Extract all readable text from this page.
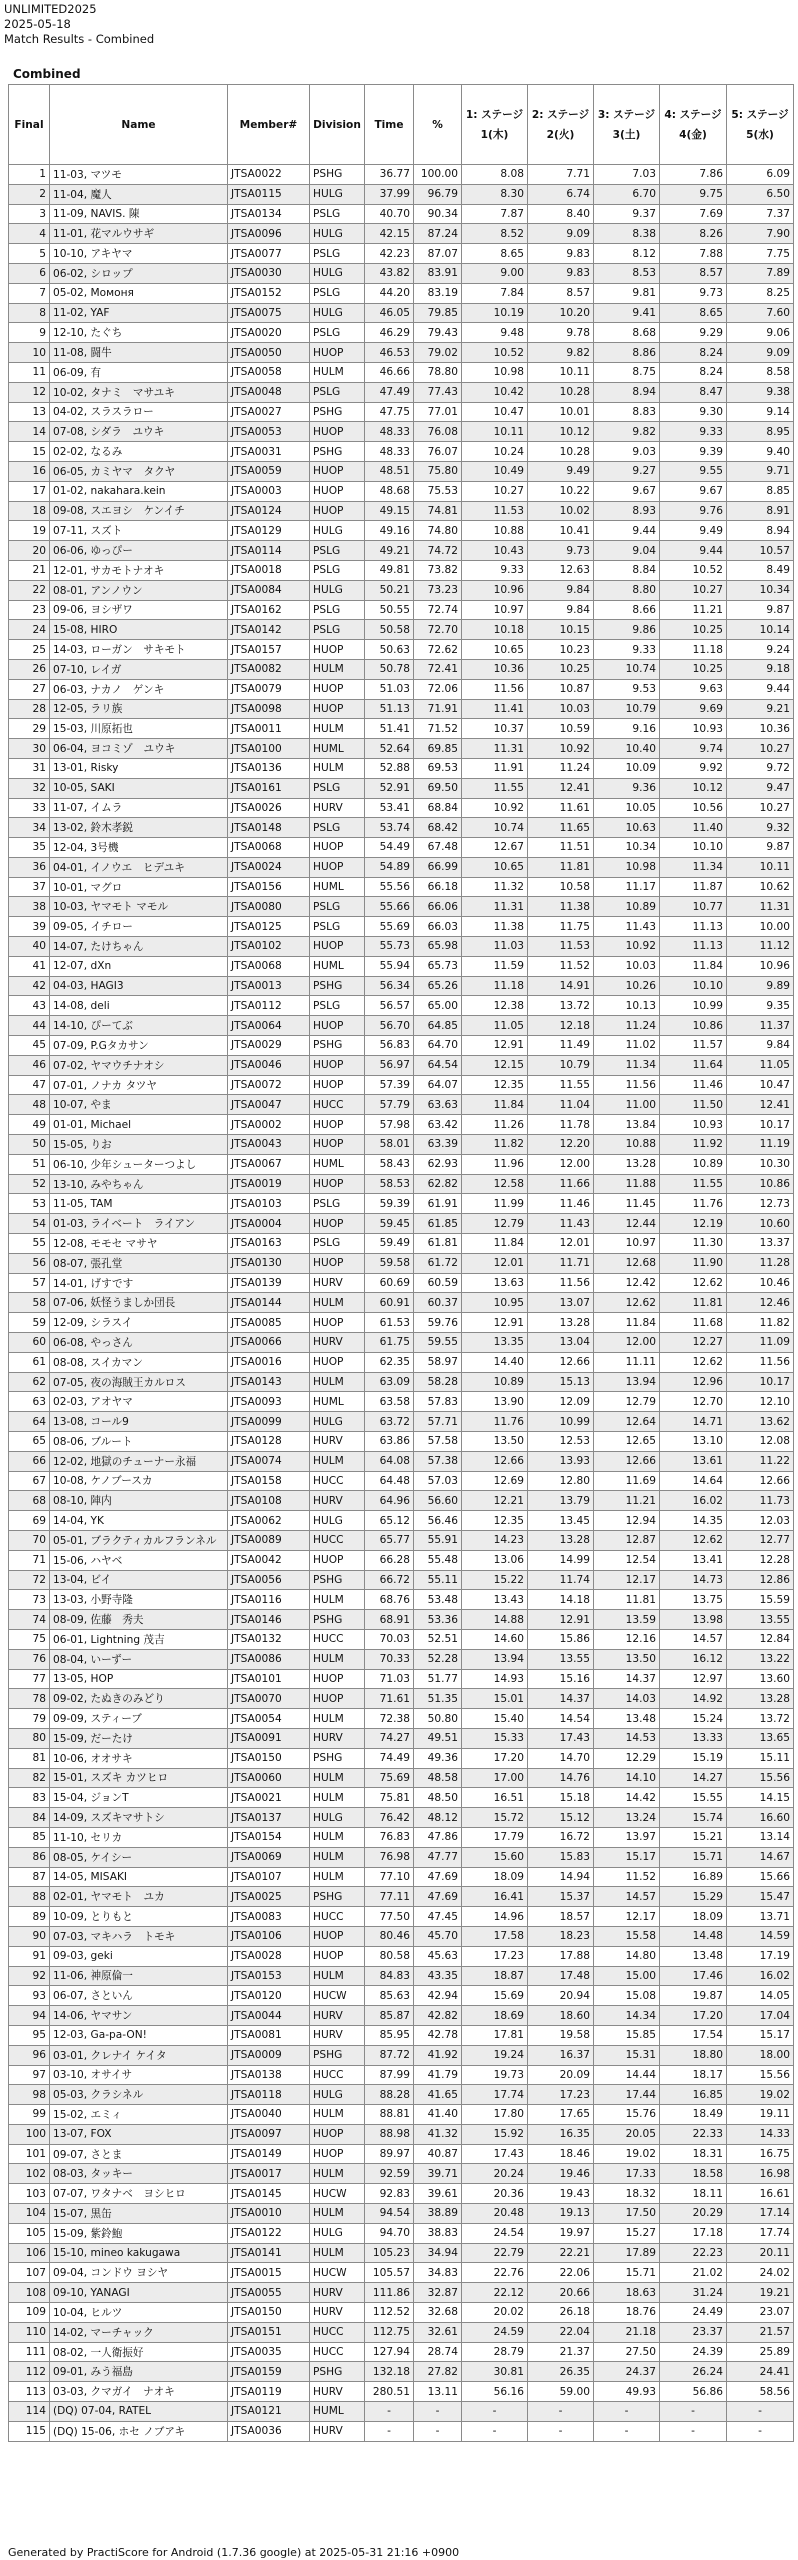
UNLIMITED2025
2025-05-18
Match Results - Combined
Combined
Final	Name	Member#	Division	Time	%	1: ステージ1(木)	2: ステージ2(火)	3: ステージ3(土)	4: ステージ4(金)	5: ステージ5(水)
1	11-03, マツモ	JTSA0022	PSHG	36.77	100.00	8.08	7.71	7.03	7.86	6.09
2	11-04, 魔人	JTSA0115	HULG	37.99	96.79	8.30	6.74	6.70	9.75	6.50
3	11-09, NAVIS. 陳	JTSA0134	PSLG	40.70	90.34	7.87	8.40	9.37	7.69	7.37
4	11-01, 花マルウサギ	JTSA0096	HULG	42.15	87.24	8.52	9.09	8.38	8.26	7.90
5	10-10, アキヤマ	JTSA0077	PSLG	42.23	87.07	8.65	9.83	8.12	7.88	7.75
6	06-02, シロップ	JTSA0030	HULG	43.82	83.91	9.00	9.83	8.53	8.57	7.89
7	05-02, Момоня	JTSA0152	PSLG	44.20	83.19	7.84	8.57	9.81	9.73	8.25
8	11-02, YAF	JTSA0075	HULG	46.05	79.85	10.19	10.20	9.41	8.65	7.60
9	12-10, たぐち	JTSA0020	PSLG	46.29	79.43	9.48	9.78	8.68	9.29	9.06
10	11-08, 闘牛	JTSA0050	HUOP	46.53	79.02	10.52	9.82	8.86	8.24	9.09
11	06-09, 有	JTSA0058	HULM	46.66	78.80	10.98	10.11	8.75	8.24	8.58
12	10-02, タナミ　マサユキ	JTSA0048	PSLG	47.49	77.43	10.42	10.28	8.94	8.47	9.38
13	04-02, スラスラロー	JTSA0027	PSHG	47.75	77.01	10.47	10.01	8.83	9.30	9.14
14	07-08, シダラ　ユウキ	JTSA0053	HUOP	48.33	76.08	10.11	10.12	9.82	9.33	8.95
15	02-02, なるみ	JTSA0031	PSHG	48.33	76.07	10.24	10.28	9.03	9.39	9.40
16	06-05, カミヤマ　タクヤ	JTSA0059	HUOP	48.51	75.80	10.49	9.49	9.27	9.55	9.71
17	01-02, nakahara.kein	JTSA0003	HUOP	48.68	75.53	10.27	10.22	9.67	9.67	8.85
18	09-08, スエヨシ　ケンイチ	JTSA0124	HUOP	49.15	74.81	11.53	10.02	8.93	9.76	8.91
19	07-11, スズト	JTSA0129	HULG	49.16	74.80	10.88	10.41	9.44	9.49	8.94
20	06-06, ゆっぴー	JTSA0114	PSLG	49.21	74.72	10.43	9.73	9.04	9.44	10.57
21	12-01, サカモトナオキ	JTSA0018	PSLG	49.81	73.82	9.33	12.63	8.84	10.52	8.49
22	08-01, アンノウン	JTSA0084	HULG	50.21	73.23	10.96	9.84	8.80	10.27	10.34
23	09-06, ヨシザワ	JTSA0162	PSLG	50.55	72.74	10.97	9.84	8.66	11.21	9.87
24	15-08, HIRO	JTSA0142	PSLG	50.58	72.70	10.18	10.15	9.86	10.25	10.14
25	14-03, ローガン　サキモト	JTSA0157	HUOP	50.63	72.62	10.65	10.23	9.33	11.18	9.24
26	07-10, レイガ	JTSA0082	HULM	50.78	72.41	10.36	10.25	10.74	10.25	9.18
27	06-03, ナカノ　ゲンキ	JTSA0079	HUOP	51.03	72.06	11.56	10.87	9.53	9.63	9.44
28	12-05, ラリ族	JTSA0098	HUOP	51.13	71.91	11.41	10.03	10.79	9.69	9.21
29	15-03, 川原拓也	JTSA0011	HULM	51.41	71.52	10.37	10.59	9.16	10.93	10.36
30	06-04, ヨコミゾ　ユウキ	JTSA0100	HUML	52.64	69.85	11.31	10.92	10.40	9.74	10.27
31	13-01, Risky	JTSA0136	HULM	52.88	69.53	11.91	11.24	10.09	9.92	9.72
32	10-05, SAKI	JTSA0161	PSLG	52.91	69.50	11.55	12.41	9.36	10.12	9.47
33	11-07, イムラ	JTSA0026	HURV	53.41	68.84	10.92	11.61	10.05	10.56	10.27
34	13-02, 鈴木孝鋭	JTSA0148	PSLG	53.74	68.42	10.74	11.65	10.63	11.40	9.32
35	12-04, 3号機	JTSA0068	HUOP	54.49	67.48	12.67	11.51	10.34	10.10	9.87
36	04-01, イノウエ　ヒデユキ	JTSA0024	HUOP	54.89	66.99	10.65	11.81	10.98	11.34	10.11
37	10-01, マグロ	JTSA0156	HUML	55.56	66.18	11.32	10.58	11.17	11.87	10.62
38	10-03, ヤマモト マモル	JTSA0080	PSLG	55.66	66.06	11.31	11.38	10.89	10.77	11.31
39	09-05, イチロー	JTSA0125	PSLG	55.69	66.03	11.38	11.75	11.43	11.13	10.00
40	14-07, たけちゃん	JTSA0102	HUOP	55.73	65.98	11.03	11.53	10.92	11.13	11.12
41	12-07, dXn	JTSA0068	HUML	55.94	65.73	11.59	11.52	10.03	11.84	10.96
42	04-03, HAGI3	JTSA0013	PSHG	56.34	65.26	11.18	14.91	10.26	10.10	9.89
43	14-08, deli	JTSA0112	PSLG	56.57	65.00	12.38	13.72	10.13	10.99	9.35
44	14-10, ぴーてぶ	JTSA0064	HUOP	56.70	64.85	11.05	12.18	11.24	10.86	11.37
45	07-09, P.Gタカサン	JTSA0029	PSHG	56.83	64.70	12.91	11.49	11.02	11.57	9.84
46	07-02, ヤマウチナオシ	JTSA0046	HUOP	56.97	64.54	12.15	10.79	11.34	11.64	11.05
47	07-01, ノナカ タツヤ	JTSA0072	HUOP	57.39	64.07	12.35	11.55	11.56	11.46	10.47
48	10-07, やま	JTSA0047	HUCC	57.79	63.63	11.84	11.04	11.00	11.50	12.41
49	01-01, Michael	JTSA0002	HUOP	57.98	63.42	11.26	11.78	13.84	10.93	10.17
50	15-05, りお	JTSA0043	HUOP	58.01	63.39	11.82	12.20	10.88	11.92	11.19
51	06-10, 少年シューターつよし	JTSA0067	HUML	58.43	62.93	11.96	12.00	13.28	10.89	10.30
52	13-10, みやちゃん	JTSA0019	HUOP	58.53	62.82	12.58	11.66	11.88	11.55	10.86
53	11-05, TAM	JTSA0103	PSLG	59.39	61.91	11.99	11.46	11.45	11.76	12.73
54	01-03, ライベート　ライアン	JTSA0004	HUOP	59.45	61.85	12.79	11.43	12.44	12.19	10.60
55	12-08, モモセ マサヤ	JTSA0163	PSLG	59.49	61.81	11.84	12.01	10.97	11.30	13.37
56	08-07, 張孔堂	JTSA0130	HUOP	59.58	61.72	12.01	11.71	12.68	11.90	11.28
57	14-01, げすです	JTSA0139	HURV	60.69	60.59	13.63	11.56	12.42	12.62	10.46
58	07-06, 妖怪うましか団長	JTSA0144	HULM	60.91	60.37	10.95	13.07	12.62	11.81	12.46
59	12-09, シラスイ	JTSA0085	HUOP	61.53	59.76	12.91	13.28	11.84	11.68	11.82
60	06-08, やっさん	JTSA0066	HURV	61.75	59.55	13.35	13.04	12.00	12.27	11.09
61	08-08, スイカマン	JTSA0016	HUOP	62.35	58.97	14.40	12.66	11.11	12.62	11.56
62	07-05, 夜の海賊王カルロス	JTSA0143	HULM	63.09	58.28	10.89	15.13	13.94	12.96	10.17
63	02-03, アオヤマ	JTSA0093	HUML	63.58	57.83	13.90	12.09	12.79	12.70	12.10
64	13-08, コール9	JTSA0099	HULG	63.72	57.71	11.76	10.99	12.64	14.71	13.62
65	08-06, ブルート	JTSA0128	HURV	63.86	57.58	13.50	12.53	12.65	13.10	12.08
66	12-02, 地獄のチューナー永福	JTSA0074	HULM	64.08	57.38	12.66	13.93	12.66	13.61	11.22
67	10-08, ケノブースカ	JTSA0158	HUCC	64.48	57.03	12.69	12.80	11.69	14.64	12.66
68	08-10, 陣内	JTSA0108	HURV	64.96	56.60	12.21	13.79	11.21	16.02	11.73
69	14-04, YK	JTSA0062	HULG	65.12	56.46	12.35	13.45	12.94	14.35	12.03
70	05-01, ブラクティカルフランネル	JTSA0089	HUCC	65.77	55.91	14.23	13.28	12.87	12.62	12.77
71	15-06, ハヤベ	JTSA0042	HUOP	66.28	55.48	13.06	14.99	12.54	13.41	12.28
72	13-04, ビイ	JTSA0056	PSHG	66.72	55.11	15.22	11.74	12.17	14.73	12.86
73	13-03, 小野寺隆	JTSA0116	HULM	68.76	53.48	13.43	14.18	11.81	13.75	15.59
74	08-09, 佐藤　秀夫	JTSA0146	PSHG	68.91	53.36	14.88	12.91	13.59	13.98	13.55
75	06-01, Lightning 茂吉	JTSA0132	HUCC	70.03	52.51	14.60	15.86	12.16	14.57	12.84
76	08-04, いーずー	JTSA0086	HULM	70.33	52.28	13.94	13.55	13.50	16.12	13.22
77	13-05, HOP	JTSA0101	HUOP	71.03	51.77	14.93	15.16	14.37	12.97	13.60
78	09-02, たぬきのみどり	JTSA0070	HUOP	71.61	51.35	15.01	14.37	14.03	14.92	13.28
79	09-09, スティーブ	JTSA0054	HULM	72.38	50.80	15.40	14.54	13.48	15.24	13.72
80	15-09, だーたけ	JTSA0091	HURV	74.27	49.51	15.33	17.43	14.53	13.33	13.65
81	10-06, オオサキ	JTSA0150	PSHG	74.49	49.36	17.20	14.70	12.29	15.19	15.11
82	15-01, スズキ カツヒロ	JTSA0060	HULM	75.69	48.58	17.00	14.76	14.10	14.27	15.56
83	15-04, ジョンT	JTSA0021	HULM	75.81	48.50	16.51	15.18	14.42	15.55	14.15
84	14-09, スズキマサトシ	JTSA0137	HULG	76.42	48.12	15.72	15.12	13.24	15.74	16.60
85	11-10, セリカ	JTSA0154	HULM	76.83	47.86	17.79	16.72	13.97	15.21	13.14
86	08-05, ケイシー	JTSA0069	HULM	76.98	47.77	15.60	15.83	15.17	15.71	14.67
87	14-05, MISAKI	JTSA0107	HULM	77.10	47.69	18.09	14.94	11.52	16.89	15.66
88	02-01, ヤマモト　ユカ	JTSA0025	PSHG	77.11	47.69	16.41	15.37	14.57	15.29	15.47
89	10-09, とりもと	JTSA0083	HUCC	77.50	47.45	14.96	18.57	12.17	18.09	13.71
90	07-03, マキハラ　トモキ	JTSA0106	HUOP	80.46	45.70	17.58	18.23	15.58	14.48	14.59
91	09-03, geki	JTSA0028	HUOP	80.58	45.63	17.23	17.88	14.80	13.48	17.19
92	11-06, 神原倫一	JTSA0153	HULM	84.83	43.35	18.87	17.48	15.00	17.46	16.02
93	06-07, さといん	JTSA0120	HUCW	85.63	42.94	15.69	20.94	15.08	19.87	14.05
94	14-06, ヤマサン	JTSA0044	HURV	85.87	42.82	18.69	18.60	14.34	17.20	17.04
95	12-03, Ga-pa-ON!	JTSA0081	HURV	85.95	42.78	17.81	19.58	15.85	17.54	15.17
96	03-01, クレナイ ケイタ	JTSA0009	PSHG	87.72	41.92	19.24	16.37	15.31	18.80	18.00
97	03-10, オサイサ	JTSA0138	HUCC	87.99	41.79	19.73	20.09	14.44	18.17	15.56
98	05-03, クラシネル	JTSA0118	HULG	88.28	41.65	17.74	17.23	17.44	16.85	19.02
99	15-02, エミィ	JTSA0040	HULM	88.81	41.40	17.80	17.65	15.76	18.49	19.11
100	13-07, FOX	JTSA0097	HUOP	88.98	41.32	15.92	16.35	20.05	22.33	14.33
101	09-07, さとま	JTSA0149	HUOP	89.97	40.87	17.43	18.46	19.02	18.31	16.75
102	08-03, タッキー	JTSA0017	HULM	92.59	39.71	20.24	19.46	17.33	18.58	16.98
103	07-07, ワタナベ　ヨシヒロ	JTSA0145	HUCW	92.83	39.61	20.36	19.43	18.32	18.11	16.61
104	15-07, 黒缶	JTSA0010	HULM	94.54	38.89	20.48	19.13	17.50	20.29	17.14
105	15-09, 紫鈴鮑	JTSA0122	HULG	94.70	38.83	24.54	19.97	15.27	17.18	17.74
106	15-10, mineo kakugawa	JTSA0141	HULM	105.23	34.94	22.79	22.21	17.89	22.23	20.11
107	09-04, コンドウ ヨシヤ	JTSA0015	HUCW	105.57	34.83	22.76	22.06	15.71	21.02	24.02
108	09-10, YANAGI	JTSA0055	HURV	111.86	32.87	22.12	20.66	18.63	31.24	19.21
109	10-04, ヒルツ	JTSA0150	HURV	112.52	32.68	20.02	26.18	18.76	24.49	23.07
110	14-02, マーチャック	JTSA0151	HUCC	112.75	32.61	24.59	22.04	21.18	23.37	21.57
111	08-02, 一人衛振好	JTSA0035	HUCC	127.94	28.74	28.79	21.37	27.50	24.39	25.89
112	09-01, みう福島	JTSA0159	PSHG	132.18	27.82	30.81	26.35	24.37	26.24	24.41
113	03-03, クマガイ　ナオキ	JTSA0119	HURV	280.51	13.11	56.16	59.00	49.93	56.86	58.56
114	(DQ) 07-04, RATEL	JTSA0121	HUML	-	-	-	-	-	-	-
115	(DQ) 15-06, ホセ ノブアキ	JTSA0036	HURV	-	-	-	-	-	-	-
Generated by PractiScore for Android (1.7.36 google) at 2025-05-31 21:16 +0900
